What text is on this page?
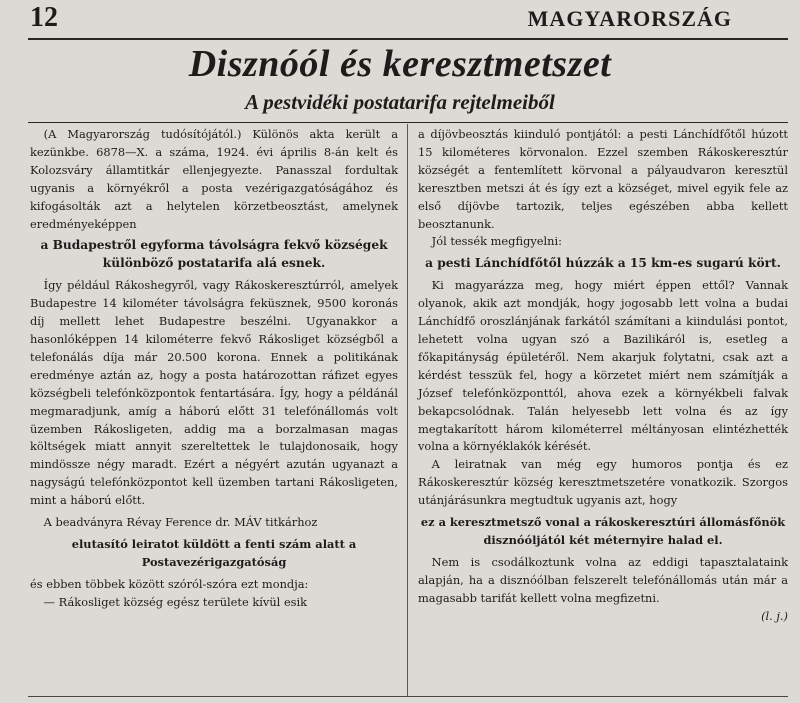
12	MAGYARORSZÁG
Disznóól és keresztmetszet
A pestvidéki postatarifa rejtelmeiből

(A Magyarország tudósítójától.) Különös akta került a kezünkbe. 6878—X. a száma, 1924. évi április 8-án kelt és Kolozsváry államtitkár ellenjegyezte. Panasszal fordultak ugyanis a környékről a posta vezérigazgatóságához és kifogásolták azt a helytelen körzetbeosztást, amelynek eredményeképpen

a Budapestről egyforma távolságra fekvő községek különböző postatarifa alá esnek.

Így például Rákoshegyről, vagy Rákoskeresztúrról, amelyek Budapestre 14 kilométer távolságra feküsznek, 9500 koronás díj mellett lehet Budapestre beszélni. Ugyanakkor a hasonlóképpen 14 kilométerre fekvő Rákosliget községből a telefonálás díja már 20.500 korona. Ennek a politikának eredménye aztán az, hogy a posta határozottan ráfizet egyes községbeli telefónközpontok fentartására. Így, hogy a példánál megmaradjunk, amíg a háború előtt 31 telefónállomás volt üzemben Rákosligeten, addig ma a borzalmasan magas költségek miatt annyit szereltettek le tulajdonosaik, hogy mindössze négy maradt. Ezért a négyért azután ugyanazt a nagyságú telefónközpontot kell üzemben tartani Rákosligeten, mint a háború előtt.

A beadványra Révay Ference dr. MÁV titkárhoz

elutasító leiratot küldött a fenti szám alatt a Postavezérigazgatóság

és ebben többek között szóról-szóra ezt mondja:

— Rákosliget község egész területe kívül esik

a díjövbeosztás kiinduló pontjától: a pesti Lánchídfőtől húzott 15 kilométeres körvonalon. Ezzel szemben Rákoskeresztúr községét a fentemlített körvonal a pályaudvaron keresztül keresztben metszi át és így ezt a községet, mivel egyik fele az első díjövbe tartozik, teljes egészében abba kellett beosztanunk.

Jól tessék megfigyelni:

a pesti Lánchídfőtől húzzák a 15 km-es sugarú kört.

Ki magyarázza meg, hogy miért éppen ettől? Vannak olyanok, akik azt mondják, hogy jogosabb lett volna a budai Lánchídfő oroszlánjának farkától számítani a kiindulási pontot, lehetett volna ugyan szó a Bazilikáról is, esetleg a főkapitányság épületéről. Nem akarjuk folytatni, csak azt a kérdést tesszük fel, hogy a körzetet miért nem számítják a József telefónközponttól, ahova ezek a környékbeli falvak bekapcsolódnak. Talán helyesebb lett volna és az így megtakarított három kilométerrel méltányosan elintézhették volna a környéklakók kérését.

A leiratnak van még egy humoros pontja és ez Rákoskeresztúr község keresztmetszetére vonatkozik. Szorgos utánjárásunkra megtudtuk ugyanis azt, hogy

ez a keresztmetsző vonal a rákoskeresztúri állomásfőnök disznóóljától két méternyire halad el.

Nem is csodálkoztunk volna az eddigi tapasztalataink alapján, ha a disznóólban felszerelt telefónállomás után már a magasabb tarifát kellett volna megfizetni.

(l. j.)
